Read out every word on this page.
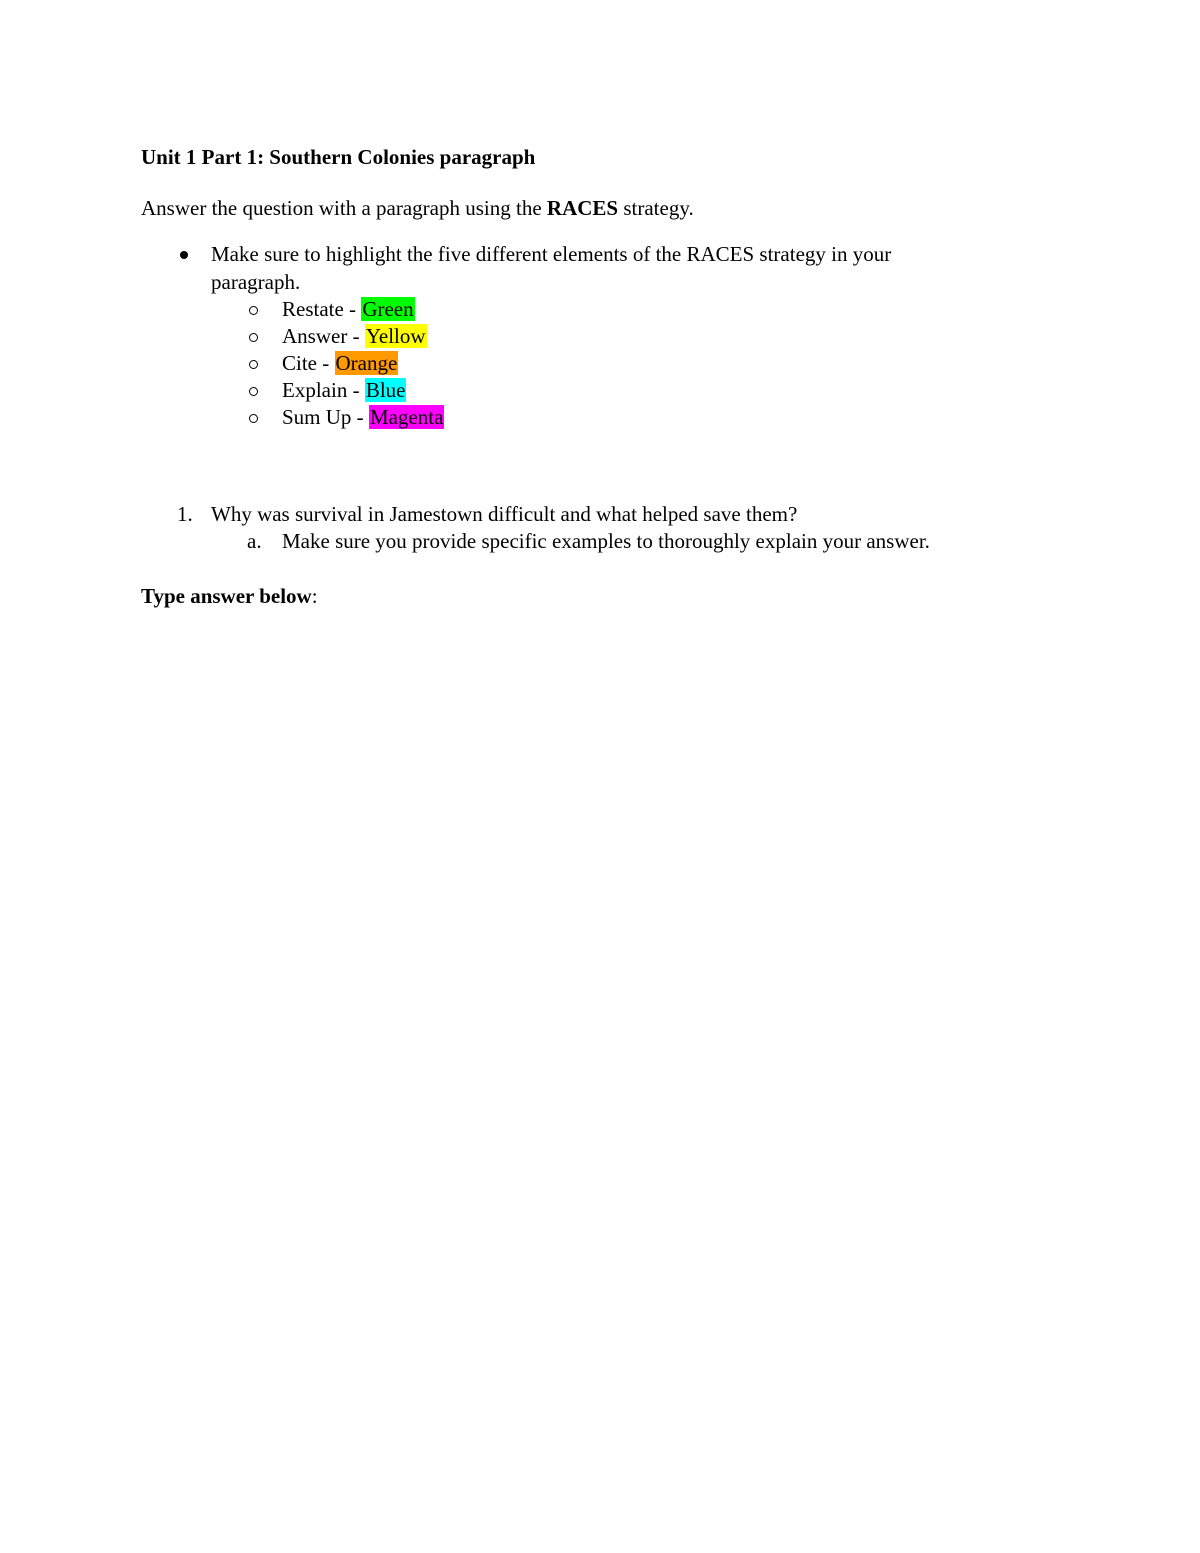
Unit 1 Part 1: Southern Colonies paragraph
Answer the question with a paragraph using the RACES strategy.
Make sure to highlight the five different elements of the RACES strategy in your
paragraph.
Restate - Green
Answer - Yellow
Cite - Orange
Explain - Blue
Sum Up - Magenta
1. Why was survival in Jamestown difficult and what helped save them?
a. Make sure you provide specific examples to thoroughly explain your answer.
Type answer below:
